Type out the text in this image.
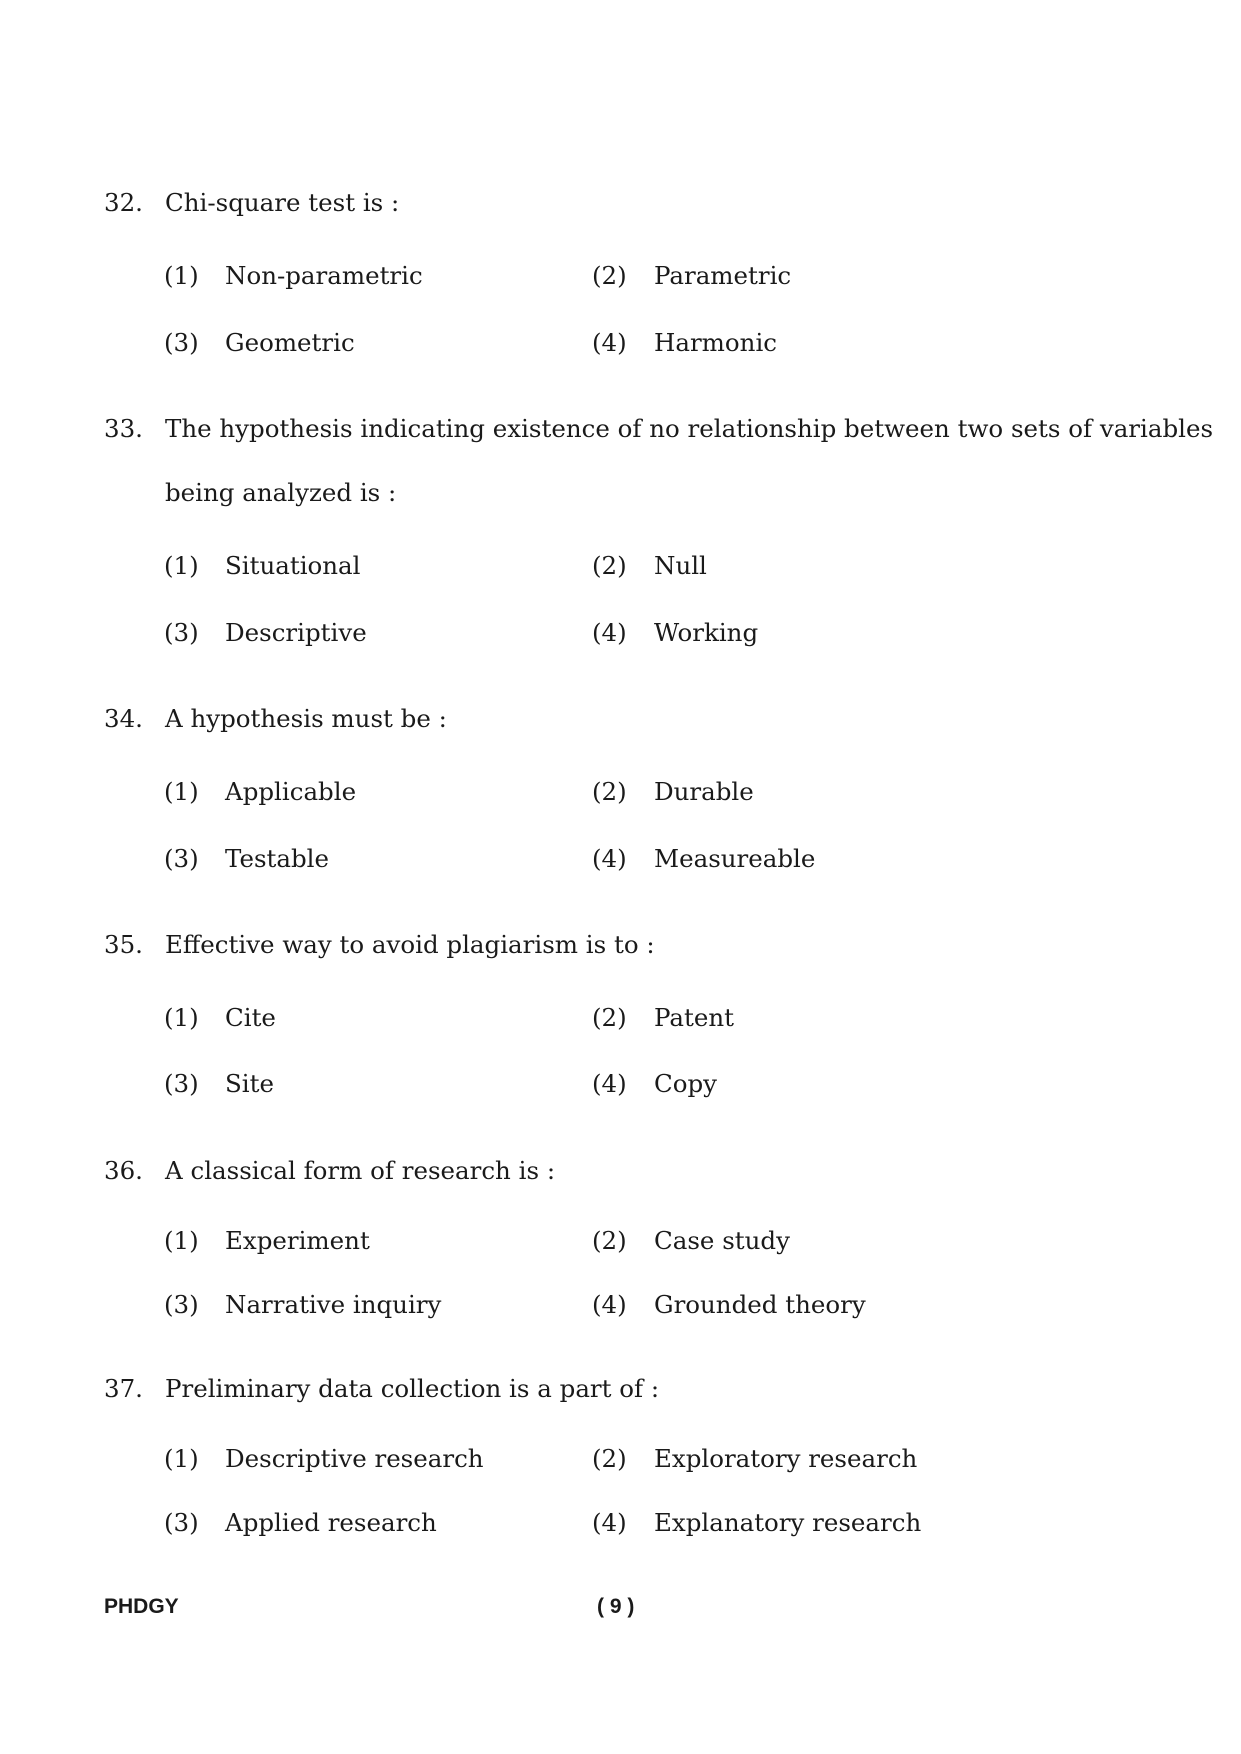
32. Chi-square test is :
(1) Non-parametric	(2) Parametric
(3) Geometric	(4) Harmonic
33. The hypothesis indicating existence of no relationship between two sets of variables
being analyzed is :
(1) Situational	(2) Null
(3) Descriptive	(4) Working
34. A hypothesis must be :
(1) Applicable	(2) Durable
(3) Testable	(4) Measureable
35. Effective way to avoid plagiarism is to :
(1) Cite	(2) Patent
(3) Site	(4) Copy
36. A classical form of research is :
(1) Experiment	(2) Case study
(3) Narrative inquiry	(4) Grounded theory
37. Preliminary data collection is a part of :
(1) Descriptive research	(2) Exploratory research
(3) Applied research	(4) Explanatory research
PHDGY	( 9 )
